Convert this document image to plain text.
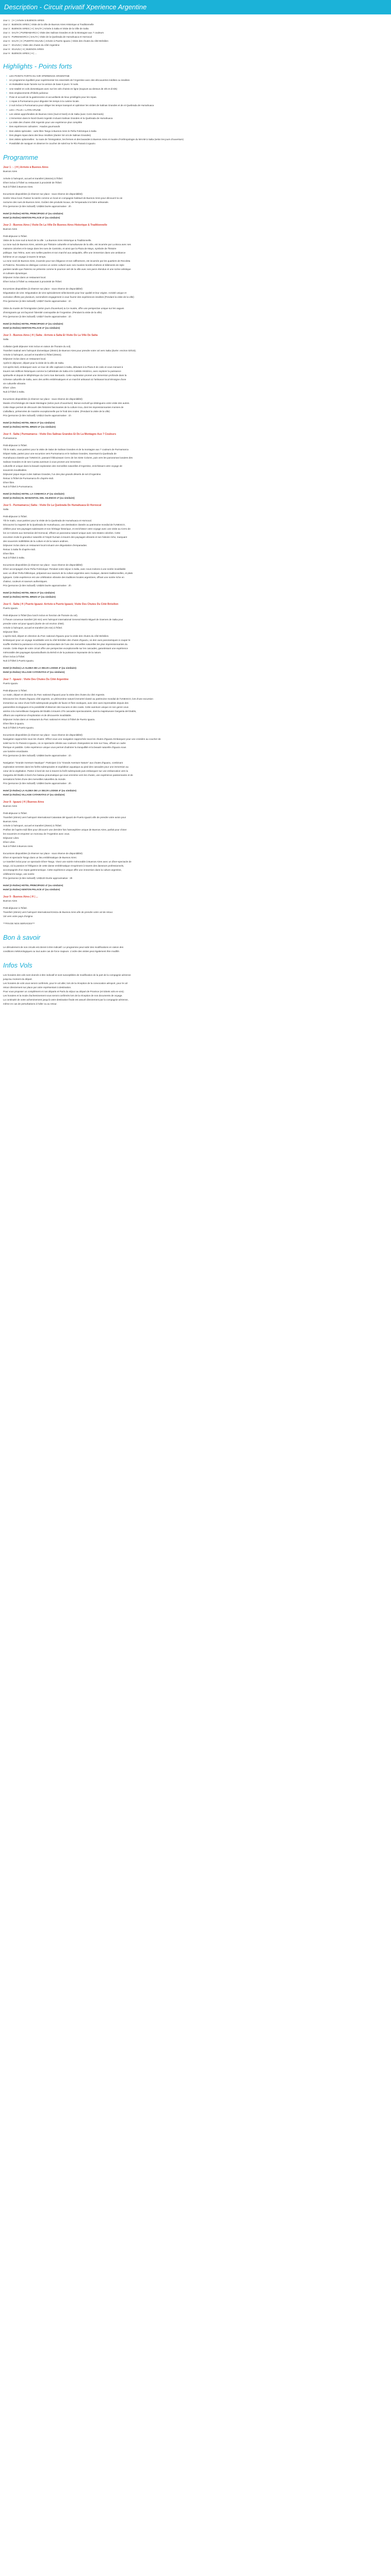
Description - Circuit privatif Xperience Argentine

Jour 1 : | H | Arrivée à BUENOS AIRES

Jour 2 : BUENOS AIRES | Visite de la ville de Buenos Aires Historique & Traditionnelle

Jour 3 : BUENOS AIRES | H | SALTA | Arrivée à Salta et Visite de la Ville de Salta

Jour 4 : SALTA | PURMAMARCA | Visite des Salinas Grandes et de la Montagne aux 7 couleurs

Jour 5 : PURMAMARCA | SALTA | Visite de la Quebrada de Humahuaca et Hornocal

Jour 6 : SALTA | H | PUERTO IGUAZU | Arrivée à Puerto Iguazu | Visite des chutes du côté Brésilien

Jour 7 : IGUAZU | Visite des chutes du côté Argentine

Jour 8 : IGUAZU | H | BUENOS AIRES

Jour 9 : BUENOS AIRES | H | ...

Highlights - Points forts
• LES POINTS FORTS DU GIR XPERIENCE ARGENTINE
• Un programme équilibré pour expérimenter les essentiels de l'Argentine avec des découvertes inédites ou insolites
• et réalisables toute l'année sur la version de base 9 jours / 8 nuits.
• Une totalité en vols domestiques avec sur les vols choisis en ligne (toujours au-dessus de 4/5 et di 5/5)
• Des emplacements d'hôtels judicieux
• Pose et accueil de la gastronomie et accueillants de lieux privilégiés pour les repas.
• 1 repas à Purmamarca pour déguster les temps à la cuisine locale.
• 2 nuit inclus à Purmamarca pour obliger les temps transport et optimiser les visites de Salinas Grandes et de et Quebrada de Humahuaca
• LES « PLUS » LATIN APLINE
• Les visites approfondies de Buenos Aires (Sud et Nord) et de Salta (avec Cerro Bermedo)
• L'immersion dans le Nord-Ouest Argentin incluant Salinas Grandes et la Quebrada de Humahuaca
• La visite des chutes côté Argentin pour une expérience plus complète
• Des expériences culinaires : Asados gourmands
• Des visites spéciales : carte libre Tango à Buenos Aires le Peña Folclorique à Salta
• Des plages repas dans des lieux insolites (Zanter Sé ont de Salinas Grandes)
• Des visites optionnelles : la route de l'immigration, les fermes et des lavandes à Buenos Aires et musée d'Anthropologie du MAAM à Salta (selon les jours d'ouverture)
• Possibilité de naviguer et observer le coucher de soleil sur le Río Paraná à Iguazu
Programme
Jour 1 : - | H | Arrivée à Buenos Aires
Buenos Aires

Arrivée à l'aéroport, accueil et transfert (45mins) à l'hôtel.

Dîner inclus à l'hôtel ou restaurant à proximité de l'hôtel.

Nuit à l'hôtel à Buenos Aires.

Excursions disponibles (à réserver sur place - sous réserve de disponibilité):

Soirée Vieux local. Passez la soirée comme un local en compagnie habituel de Buenos Aires pour découvrir la vie

nocturne des rues de Buenos Aires. Goûtez des produits locaux, de l'empanada à la bière artisanale.

Prix (personne (à titre indicatif): US$55 Durée approximative : 2h

Hotel (3 étoiles) HOTEL PRINCIPADO 4* (ou similaire)

Hotel (4 étoiles) KENTON PALACE 4* (ou similaire)

Jour 2 - Buenos Aires | Visite De La Ville De Buenos Aires Historique & Traditionnelle
Buenos Aires

Petit-déjeuner à l'hôtel.

Visite de la zone sud & Nord de la ville : La Buenos Aires Historique & Traditionnelle.

La zone sud de Buenos Aires, animée par l'histoire culturelle et tumultueuse de la ville, est incarnée par La Boca avec ses

maisons colorées et le tango dans les rues de Caminito, et ainsi que la Plaza de Mayo, symbole de l'histoire

politique. San Telmo, avec ses ruelles pavées et son marché aux antiquités, offre une immersion dans une ambiance

bohème et un voyage à travers le temps.

La zone nord de Buenos Aires, incarnée pour son élégance et son raffinement, est incarnée par les quartiers de Recoleta

et Palermo. Recoleta se distingue comme un centre culturel avec ses musées bordés d'arbres et bâtiments de style

parisien tandis que Palermo se présente comme le poumon vert de la ville avec ses parcs étendus et une scène artistique

et culinaire dynamique.

Déjeuner inclus dans un restaurant local.

Dîner inclus à l'hôtel ou restaurant à proximité de l'hôtel.

Excursions disponibles (à réserver sur place - sous réserve de disponibilité):

Dégustation de vins: Dégustation de vins spécialement sélectionnés pour leur qualité et leur origine. Activité unique et

exclusive offerte par plusieurs, sommeliers engagement à vous fournir des expériences insolites (Pendant la visite de la ville)

Prix (personne (à titre indicatif): US$37 Durée approximative : 1h

Visite du musée de l'immigration (selon jours d'ouverture) & Ce musée, offre une perspective unique sur les vagues

d'immigrants qui ont façonné l'identité cosmopolite de l'Argentine. (Pendant la visite de la ville)

Prix (personne (à titre indicatif): US$27 Durée approximative : 1h

Hotel (3 étoiles) HOTEL PRINCIPADO 4* (ou similaire)

Hotel (4 étoiles) KENTON PALACE 4* (ou similaire)

Jour 3 - Buenos Aires | H | Salta : Arrivée à Salta Et Visite De La Ville De Salta
Salta

Collation (petit déjeuner mini inclus en raison de l'horaire du vol).

Transfert matinal vers l'aéroport domestique (25min) de Buenos Aires pour prendre votre vol vers Salta (durée: environ 02h15).

Arrivée à l'aéroport, accueil et transfert à l'hôtel (30min).

Déjeuner inclus dans un restaurant local.

Après le déjeuner, départ pour la visite de la ville de Salta.

Cet après-midi, embarquez avec un tour de ville captivant à Salta, débutant à la Plaza 9 de Julio et vous menant à

travers ses édifices historiques comme la Cathédrale de Salta et le Cabildo Histórico, avec explorer la puissance

spirituelle et depuis le téléphérique du Cerro San Bernardo. Cette exploration promet une immersion profonde dans la

richesse culturelle de Salta, avec des arrêts emblématiques et un marché artisanal où l'artisanat local témoigne d'une

vie culturelle vibrante.

Dîner: Libre.

Nuit à l'hôtel à Salta.

Excursions disponibles (à réserver sur place - sous réserve de disponibilité):

Musée d'Archéologie de Haute Montagne (selon jours d'ouverture): Bonus exclusif qui distinguera votre visite des autres.

Cette étape permet de découvrir des histoires fascinantes de la culture Inca, dont les impressionnantes momies de

Llullaillaco, préservées de manière exceptionnelle par le froid des Andes. (Pendant la visite de la ville)

Prix (personne (à titre indicatif): US$12 Durée approximative : 1h

Hotel (3 étoiles) HOTEL INKAI 3* (ou similaire)

Hotel (4 étoiles) HOTEL BRIZO 4* (ou similaire)

Jour 4 - Salta | Purmamarca : Visite Des Salinas Grandes Et De La Montagne Aux 7 Couleurs
Purmamarca

Petit-déjeuner à l'hôtel.

Tôt le matin, vous partirez pour la visite de Salar de Salinas Grandes et de la montagne aux 7 couleurs de Purmamarca

Départ Salta, partez pour une excursion vers Purmamarca et le Salinas Grandes, traversant la Quebrada de

Humahuaca classée par l'UNESCO, passant l'éblouissant Cerro de los Siete Colores, puis vers les panoramas lunaires des

Salinas Grandes et de ses Cuesta aventure à vous promet une immersion

culturelle et unique dans la beauté exploration des merveilles naturelles d'Argentine, enrichissant votre voyage de

souvenirs inoubliables.

Déjeuner pique-nique à des Salinas Grandes, l'un des plus grands déserts de sel d'Argentine.

Retour à l'hôtel de Purmamarca fin d'après-midi.

Dîner libre.

Nuit à l'hôtel à Purmamarca.

Hotel (3 étoiles) HOTEL LA COMARCA 4* (ou similaire)

Hotel (4 étoiles) EL MANANTIAL DEL SILENCIO 4* (ou similaire)

Jour 5 - Purmamarca | Salta : Visite De La Quebrada De Humahuaca Et Hornocal
Salta

Petit-déjeuner à l'hôtel.

Tôt le matin, vous partirez pour la Visite de la Quebrada de Humahuaca et Hornocal.

Découvrez la majesté de la Quebrada de Humahuaca, une destination classée au patrimoine mondial de l'UNESCO,

célèbre pour ses paysages saisissants et son héritage historique, et enrichissez votre voyage avec une visite au Cerro de

los 14 Colores aux Serranías del Hornocal, offrant un panorama naturel unique avec ses strates colorées. Cette

excursion invite le grandeur naturelle et l'esprit humain à travers des paysages vibrants et son histoire riche, marquant

des souvenirs indélébiles de la culture et de la nature andines.

Déjeuner inclus dans un restaurant local incluant une dégustation d'empanadas.

Retour à Salta fin d'après-midi.

Dîner libre.

Nuit à l'hôtel à Salta.

Excursions disponibles (à réserver sur place - sous réserve de disponibilité):

Dîner accompagné d'une Peña Folclorique: Pendant votre séjour à Salta, avec nous invitons à une soirée inoubliable

avec un dîner Peña folklorique, préparant aux saveurs de la culture argentine avec musique, danses traditionnelles, et plats

typiques. Cette expérience est une célébration vibrante des traditions locales argentines, offrant une soirée riche en

chaleur, couleurs et saveurs authentiques.

Prix (personne (à titre indicatif): US$25 Durée approximative : 2h

Hotel (3 étoiles) HOTEL INKAI 3* (ou similaire)

Hotel (4 étoiles) HOTEL BRIZO 4* (ou similaire)

Jour 6 - Salta | H | Puerto Iguazú: Arrivée à Puerto Iguazú; Visite Des Chutes Du Côté Brésilien
Puerto Iguazu

Petit-déjeuner à l'hôtel (box lunch inclus en fonction de l'horaire du vol).

À l'heure convenue transfert (20 min) vers l'aéroport International General Martín Miguel de Güemes de Salta pour

prendre votre vol pour Iguazú (durée de vol environ 1h50).

Arrivée à l'aéroport, accueil et transfert (25 min) à l'hôtel.

Déjeuner libre.

L'après-midi, départ en direction du Parc national d'Iguazu pour la visite des chutes du côté Brésilien.

Embarquez pour un voyage inoubliable vers la côté brésilien des chutes d'Iguazu, où des vues panoramiques à couper le

souffle révèlent la puissance et la beauté spectaculaire de l'une des merveilles naturelles les plus impressionnantes du

monde. Cette étape de votre circuit offre une perspective exceptionnelle sur les cascades, garantissant une expérience

mémorable des paysages époustouflants du Brésil et de la puissance imposante de la nature.

Dîner inclus à l'hôtel.

Nuit à l'hôtel à Puerto Iguazu.

Hotel (3 étoiles) LA ALDEA DE LA SELVA LODGE 4* (ou similaire)

Hotel (4 étoiles) VILLAGE CATARATAS 4* (ou similaire)

Jour 7 - Iguazú : Visite Des Chutes Du Côté Argentine
Puerto Iguazu

Petit-déjeuner à l'hôtel.

Le matin, départ en direction du Parc national d'Iguazú pour la visite des chutes du côté Argentin.

Découvrez les chutes d'Iguazu côté argentin, un phénomène naturel immortel classé au patrimoine mondial de l'UNESCO, lors d'une excursion

immersive au cœur d'une forêt subtropicale peuplée de faune et flore exotiques, avec des vues imprenables depuis des

passerelles écologiques et la possibilité d'observer des toucans et des coatis. Cette aventure unique en son genre vous

amène à la merveilleuse Garganta del Diablo à travers 275 cascades spectaculaires, dont la majestueuse Garganta del Diablo,

offrant une expérience d'exploration et de découverte inoubliable.

Déjeuner inclus dans un restaurant du Parc national et retour à l'hôtel de Puerto Iguazu.

Dîner libre à Iguazu.

Nuit à l'hôtel à Puerto Iguazu.

Excursions disponibles (à réserver sur place - sous réserve de disponibilité):

Navigation rapprochée sous les chutes: Offrez-vous une navigation rapprochée sous les chutes d'Iguazu Embarquez pour une croisière au coucher de

soleil sur le río Paraná à Iguazu, où ce spectacle céleste aux couleurs chatoyantes se mire sur l'eau, offrant un cadre

féerique et paisible. Cette expérience unique vous permet d'admirer la tranquillité et la beauté naturelle d'Iguazu sous

une lumière envoûtante.

Prix (personne (à titre indicatif): US$55 Durée approximative : 1h

Navigation "Grande Aventure Nautique": Participez à la "Grande Aventure Nature" aux chutes d'Iguazu, combinant

exploration terrestre dans les forêts subtropicales et expédition aquatique au pied des cascades pour une immersion au

cœur de la végétation. Partez à bord de 4x4 à travers la forêt subtropicale puis embarquez sur une embarcation vers la

Garganta del Diablo à bord d'un bateau pneumatique qui vous emmène vers les chutes, une expérience passionnante et de

sensations fortes d'une des merveilles naturelles du monde.

Prix (personne (à titre indicatif): US$94 Durée approximative : 2h

Hotel (3 étoiles) LA ALDEA DE LA SELVA LODGE 4* (ou similaire)

Hotel (4 étoiles) VILLAGE CATARATAS 4* (ou similaire)

Jour 8 - Iguazú | H | Buenos Aires
Buenos Aires

Petit-déjeuner à l'hôtel.

Transfert (40min) vers l'aéroport International Cataratas del Iguazú de Puerto Iguazú afin de prendre votre avion pour

Buenos Aires.

Arrivée à l'aéroport, accueil et transfert (25min) à l'hôtel.

Profitez de l'après-midi libre pour découvrir une dernière fois l'atmosphère unique de Buenos Aires, parfait pour chiner

les souvenirs et emporter un morceau de l'Argentine avec vous.

Déjeuner Libre.

Dîner Libre.

Nuit à l'hôtel à Buenos Aires.

Excursions disponibles (à réserver sur place - sous réserve de disponibilité):

Dîner et spectacle Tango dans un lieu emblématique de Buenos Aires:

Le transfert inclut pour un spectacle Dîner-Tango. Vivez une soirée mémorable à Buenos Aires avec un dîner-spectacle de

tango, où la passion et l'élégance de cette danse emblématique s'expriment à travers des danseurs professionnels,

accompagnés d'un repas gastronomique. Cette expérience unique offre une immersion dans la culture argentine,

célébrant le tango, une soirée

Prix (personne (à titre indicatif): US$120 Durée approximative : 3h

Hotel (3 étoiles) HOTEL PRINCIPADO 4* (ou similaire)

Hotel (4 étoiles) KENTON PALACE 4* (ou similaire)

Jour 9 - Buenos Aires | H | ...
Buenos Aires

Petit-déjeuner à l'hôtel.

Transfert (45min) vers l'aéroport International Ezeiza de Buenos Aires afin de prendre votre vol de retour.

Vol vers votre pays d'origine.

***FIN DE NOS SERVICES***

Bon à savoir

Le déroulement de nos circuits est donné à titre indicatif. Le programme peut subir des modifications en raison des

conditions météorologiques ou tout autre cas de force majeure. L'ordre des visites peut également être modifié.

Infos Vols

Les horaires des vols sont donnés à titre indicatif et sont susceptibles de modification de la part de la compagnie aérienne

jusqu'au moment du départ.

Les horaires de vols vous seront confirmés, pour le vol aller, lors de la réception de la convocation aéroport, pour le vol

retour directement sur place par votre représentant à destination.

Pour vous proposer un complément et nos départs et Paris du séjour au départ de Province (et tickets vols en-ons).

Les horaires et la mode d'acheminement vous seront confirmés lors de la réception de nos documents de voyage.

La continuité de votre acheminement jusqu'à votre destination finale est assuré directement par la compagnie aérienne,

même en cas de perturbations à l'aller ou au retour.
